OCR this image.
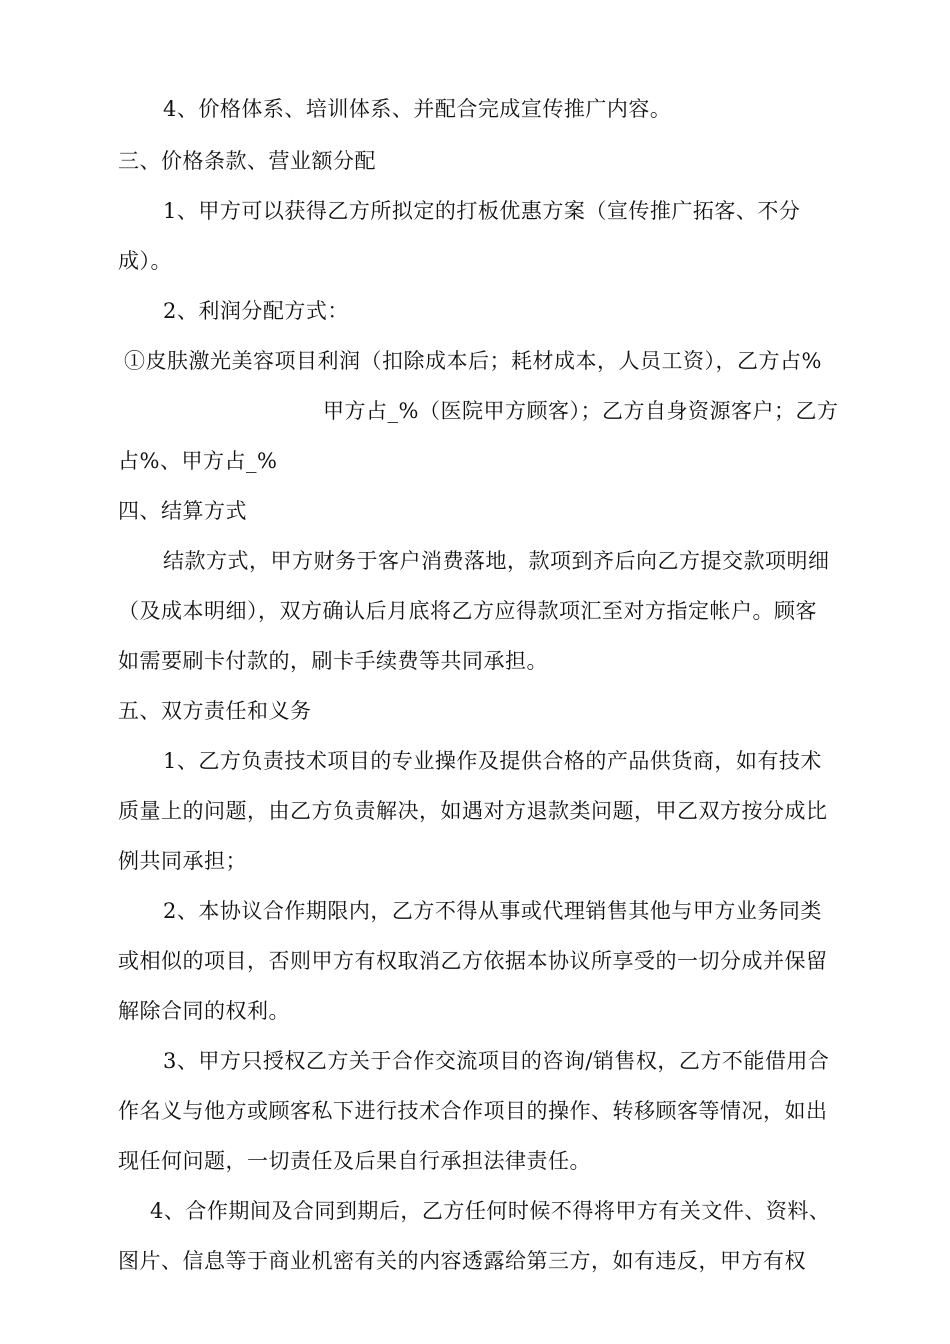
4、价格体系、培训体系、并配合完成宣传推广内容。
三、价格条款、营业额分配
1、甲方可以获得乙方所拟定的打板优惠方案（宣传推广拓客、不分
成）。
2、利润分配方式：
①皮肤激光美容项目利润（扣除成本后；耗材成本，人员工资），乙方占%
甲方占_%（医院甲方顾客）；乙方自身资源客户；乙方
占%、甲方占_%
四、结算方式
结款方式，甲方财务于客户消费落地，款项到齐后向乙方提交款项明细
（及成本明细），双方确认后月底将乙方应得款项汇至对方指定帐户。顾客
如需要刷卡付款的，刷卡手续费等共同承担。
五、双方责任和义务
1、乙方负责技术项目的专业操作及提供合格的产品供货商，如有技术
质量上的问题，由乙方负责解决，如遇对方退款类问题，甲乙双方按分成比
例共同承担；
2、本协议合作期限内，乙方不得从事或代理销售其他与甲方业务同类
或相似的项目，否则甲方有权取消乙方依据本协议所享受的一切分成并保留
解除合同的权利。
3、甲方只授权乙方关于合作交流项目的咨询/销售权，乙方不能借用合
作名义与他方或顾客私下进行技术合作项目的操作、转移顾客等情况，如出
现任何问题，一切责任及后果自行承担法律责任。
4、合作期间及合同到期后，乙方任何时候不得将甲方有关文件、资料、
图片、信息等于商业机密有关的内容透露给第三方，如有违反，甲方有权
